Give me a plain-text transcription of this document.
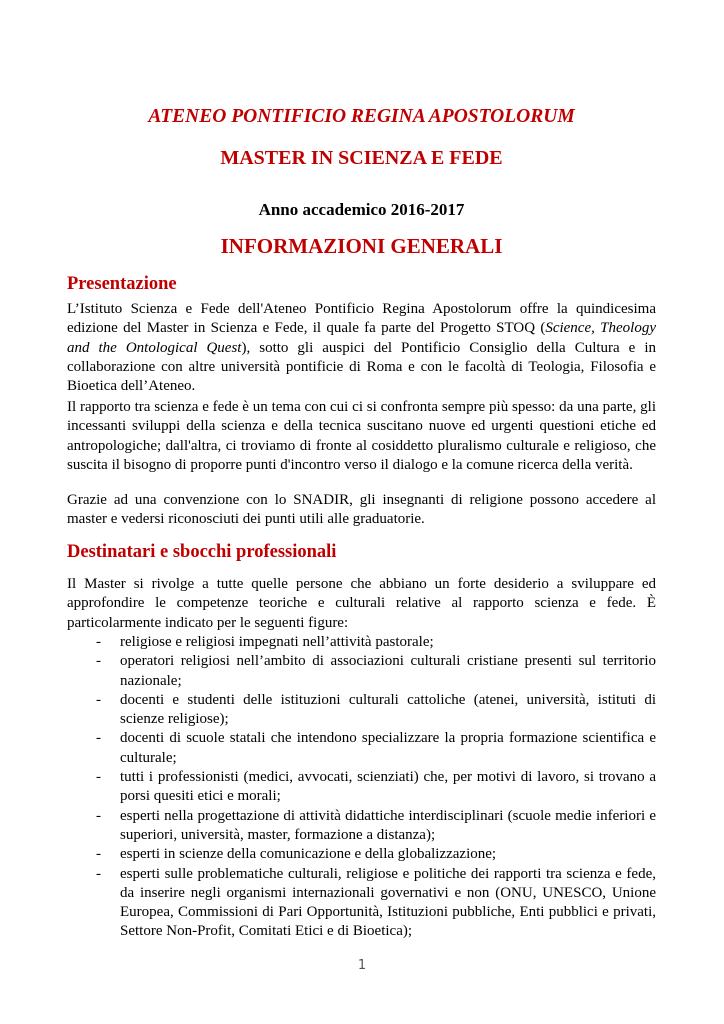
ATENEO PONTIFICIO REGINA APOSTOLORUM
MASTER IN SCIENZA E FEDE
Anno accademico 2016-2017
INFORMAZIONI GENERALI
Presentazione

L’Istituto Scienza e Fede dell'Ateneo Pontificio Regina Apostolorum offre la quindicesima edizione del Master in Scienza e Fede, il quale fa parte del Progetto STOQ (Science, Theology and the Ontological Quest), sotto gli auspici del Pontificio Consiglio della Cultura e in collaborazione con altre università pontificie di Roma e con le facoltà di Teologia, Filosofia e Bioetica dell’Ateneo.

Il rapporto tra scienza e fede è un tema con cui ci si confronta sempre più spesso: da una parte, gli incessanti sviluppi della scienza e della tecnica suscitano nuove ed urgenti questioni etiche ed antropologiche; dall'altra, ci troviamo di fronte al cosiddetto pluralismo culturale e religioso, che suscita il bisogno di proporre punti d'incontro verso il dialogo e la comune ricerca della verità.

Grazie ad una convenzione con lo SNADIR, gli insegnanti di religione possono accedere al master e vedersi riconosciuti dei punti utili alle graduatorie.

Destinatari e sbocchi professionali

Il Master si rivolge a tutte quelle persone che abbiano un forte desiderio a sviluppare ed approfondire le competenze teoriche e culturali relative al rapporto scienza e fede. È particolarmente indicato per le seguenti figure:

- religiose e religiosi impegnati nell’attività pastorale;
- operatori religiosi nell’ambito di associazioni culturali cristiane presenti sul territorio nazionale;
- docenti e studenti delle istituzioni culturali cattoliche (atenei, università, istituti di scienze religiose);
- docenti di scuole statali che intendono specializzare la propria formazione scientifica e culturale;
- tutti i professionisti (medici, avvocati, scienziati) che, per motivi di lavoro, si trovano a porsi quesiti etici e morali;
- esperti nella progettazione di attività didattiche interdisciplinari (scuole medie inferiori e superiori, università, master, formazione a distanza);
- esperti in scienze della comunicazione e della globalizzazione;
- esperti sulle problematiche culturali, religiose e politiche dei rapporti tra scienza e fede, da inserire negli organismi internazionali governativi e non (ONU, UNESCO, Unione Europea, Commissioni di Pari Opportunità, Istituzioni pubbliche, Enti pubblici e privati, Settore Non-Profit, Comitati Etici e di Bioetica);
1
